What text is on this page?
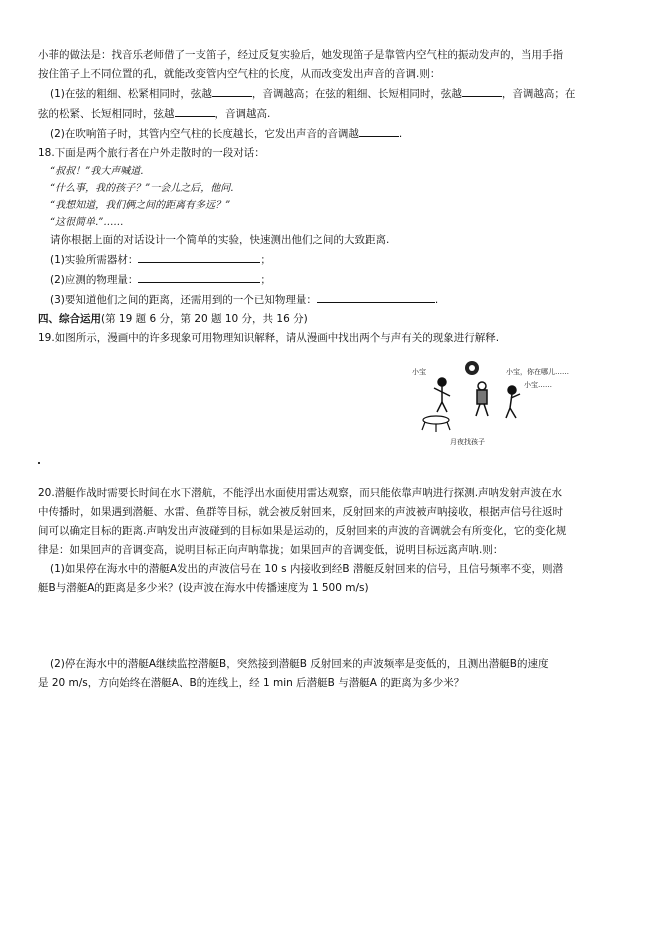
小菲的做法是：找音乐老师借了一支笛子，经过反复实验后，她发现笛子是靠管内空气柱的振动发声的，当用手指
按住笛子上不同位置的孔，就能改变管内空气柱的长度，从而改变发出声音的音调.则：
(1)在弦的粗细、松紧相同时，弦越	，音调越高；在弦的粗细、长短相同时，弦越	，音调越高；在
弦的松紧、长短相同时，弦越	，音调越高.
(2)在吹响笛子时，其管内空气柱的长度越长，它发出声音的音调越	.
18.下面是两个旅行者在户外走散时的一段对话：
“叔叔！”我大声喊道.
“什么事，我的孩子？”一会儿之后，他问.
“我想知道，我们俩之间的距离有多远？”
“这很简单.”……
请你根据上面的对话设计一个简单的实验，快速测出他们之间的大致距离.
(1)实验所需器材：	；
(2)应测的物理量：	；
(3)要知道他们之间的距离，还需用到的一个已知物理量：	.
四、综合运用(第 19 题 6 分，第 20 题 10 分，共 16 分)
19.如图所示，漫画中的许多现象可用物理知识解释，请从漫画中找出两个与声有关的现象进行解释.
小宝	小宝，你在哪儿……
小宝……
月夜找孩子
20.潜艇作战时需要长时间在水下潜航，不能浮出水面使用雷达观察，而只能依靠声呐进行探测.声呐发射声波在水
中传播时，如果遇到潜艇、水雷、鱼群等目标，就会被反射回来，反射回来的声波被声呐接收，根据声信号往返时
间可以确定目标的距离.声呐发出声波碰到的目标如果是运动的，反射回来的声波的音调就会有所变化，它的变化规
律是：如果回声的音调变高，说明目标正向声呐靠拢；如果回声的音调变低，说明目标远离声呐.则：
(1)如果停在海水中的潜艇A发出的声波信号在 10 s 内接收到经B 潜艇反射回来的信号，且信号频率不变，则潜
艇B与潜艇A的距离是多少米？(设声波在海水中传播速度为 1 500 m/s)
(2)停在海水中的潜艇A继续监控潜艇B，突然接到潜艇B 反射回来的声波频率是变低的，且测出潜艇B的速度
是 20 m/s，方向始终在潜艇A、B的连线上，经 1 min 后潜艇B 与潜艇A 的距离为多少米？
